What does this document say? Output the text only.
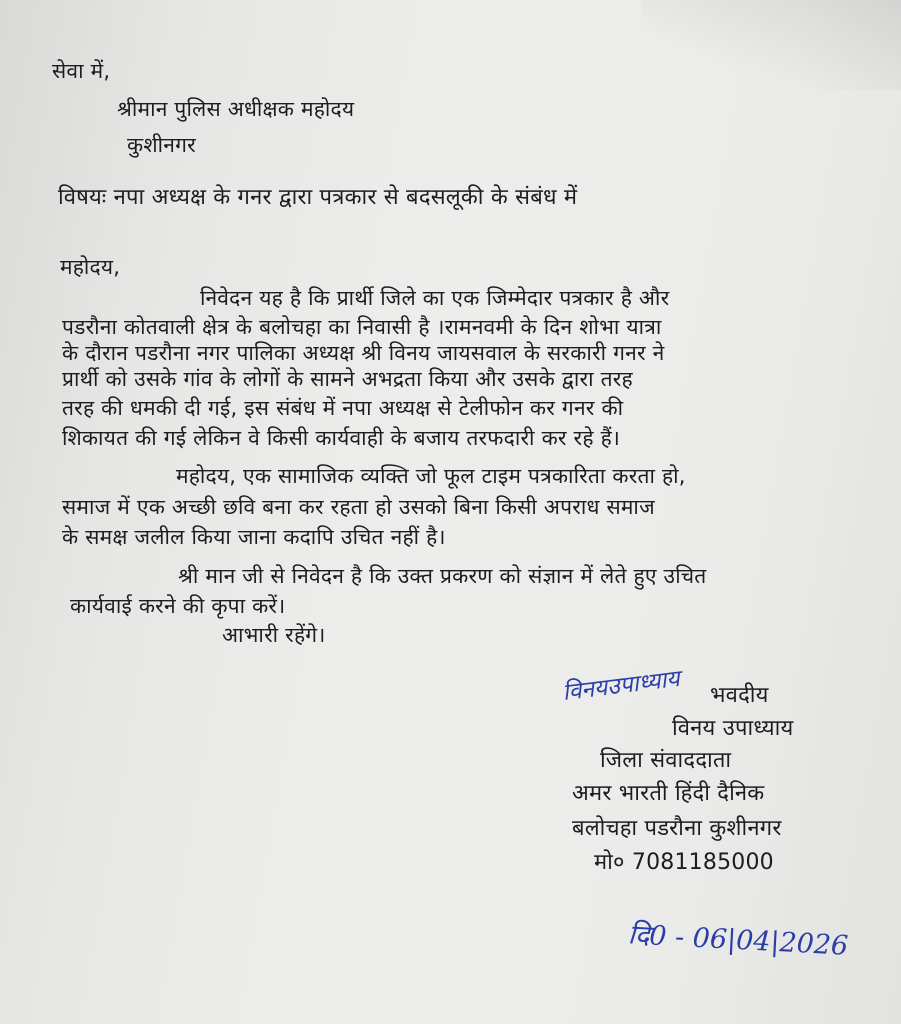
सेवा में,
श्रीमान पुलिस अधीक्षक महोदय
कुशीनगर
विषयः नपा अध्यक्ष के गनर द्वारा पत्रकार से बदसलूकी के संबंध में
महोदय,
निवेदन यह है कि प्रार्थी जिले का एक जिम्मेदार पत्रकार है और
पडरौना कोतवाली क्षेत्र के बलोचहा का निवासी है ।रामनवमी के दिन शोभा यात्रा
के दौरान पडरौना नगर पालिका अध्यक्ष श्री विनय जायसवाल के सरकारी गनर ने
प्रार्थी को उसके गांव के लोगों के सामने अभद्रता किया और उसके द्वारा तरह
तरह की धमकी दी गई, इस संबंध में नपा अध्यक्ष से टेलीफोन कर गनर की
शिकायत की गई लेकिन वे किसी कार्यवाही के बजाय तरफदारी कर रहे हैं।
महोदय, एक सामाजिक व्यक्ति जो फूल टाइम पत्रकारिता करता हो,
समाज में एक अच्छी छवि बना कर रहता हो उसको बिना किसी अपराध समाज
के समक्ष जलील किया जाना कदापि उचित नहीं है।
श्री मान जी से निवेदन है कि उक्त प्रकरण को संज्ञान में लेते हुए उचित
कार्यवाई करने की कृपा करें।
आभारी रहेंगे।
विनयउपाध्याय भवदीय
विनय उपाध्याय
जिला संवाददाता
अमर भारती हिंदी दैनिक
बलोचहा पडरौना कुशीनगर
मो० 7081185000
दि0 - 06|04|2026
